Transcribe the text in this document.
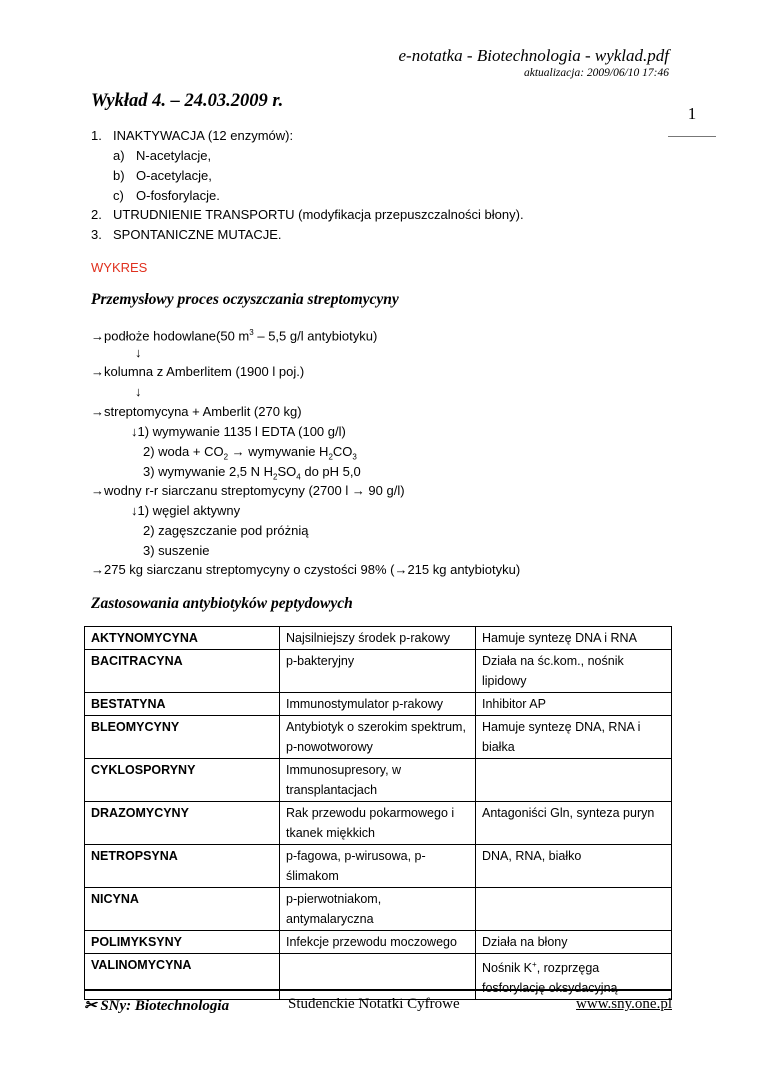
e-notatka - Biotechnologia - wyklad.pdf
aktualizacja: 2009/06/10 17:46
1
Wykład 4. – 24.03.2009 r.
1. INAKTYWACJA (12 enzymów):
a) N-acetylacje,
b) O-acetylacje,
c) O-fosforylacje.
2. UTRUDNIENIE TRANSPORTU (modyfikacja przepuszczalności błony).
3. SPONTANICZNE MUTACJE.
WYKRES
Przemysłowy proces oczyszczania streptomycyny
→podłoże hodowlane(50 $m^3 - 5,5$ g/l antybiotyku)
↓
→kolumna z Amberlitem (1900 l poj.)
↓
→streptomycyna + Amberlit (270 kg)
↓1) wymywanie 1135 l EDTA (100 g/l)
2) woda + $CO_2$ → wymywanie $H_2CO_3$
3) wymywanie 2,5 N $H_2SO_4$ do pH 5,0
→wodny r-r siarczanu streptomycyny (2700 l → 90 g/l)
↓1) węgiel aktywny
2) zagęszczanie pod próżnią
3) suszenie
→275 kg siarczanu streptomycyny o czystości 98% (→215 kg antybiotyku)
Zastosowania antybiotyków peptydowych
AKTYNOMYCYNA	Najsilniejszy środek p-rakowy	Hamuje syntezę DNA i RNA
BACITRACYNA	p-bakteryjny	Działa na śc.kom., nośnik lipidowy
BESTATYNA	Immunostymulator p-rakowy	Inhibitor AP
BLEOMYCYNY	Antybiotyk o szerokim spektrum, p-nowotworowy	Hamuje syntezę DNA, RNA i białka
CYKLOSPORYNY	Immunosupresory, w transplantacjach	
DRAZOMYCYNY	Rak przewodu pokarmowego i tkanek miękkich	Antagoniści Gln, synteza puryn
NETROPSYNA	p-fagowa, p-wirusowa, p-ślimakom	DNA, RNA, białko
NICYNA	p-pierwotniakom, antymalaryczna	
POLIMYKSYNY	Infekcje przewodu moczowego	Działa na błony
VALINOMYCYNA		Nośnik K+, rozprzęga fosforylację oksydacyjną
✂ SNy: Biotechnologia	Studenckie Notatki Cyfrowe	www.sny.one.pl
